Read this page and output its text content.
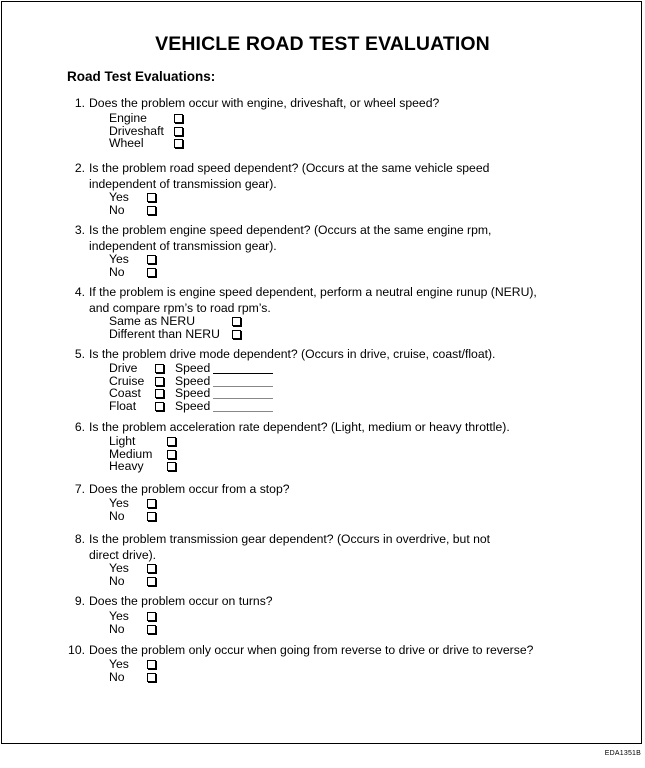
VEHICLE ROAD TEST EVALUATION
Road Test Evaluations:
1. Does the problem occur with engine, driveshaft, or wheel speed?
Engine
Driveshaft
Wheel
2. Is the problem road speed dependent? (Occurs at the same vehicle speed
independent of transmission gear).
Yes
No
3. Is the problem engine speed dependent? (Occurs at the same engine rpm,
independent of transmission gear).
Yes
No
4. If the problem is engine speed dependent, perform a neutral engine runup (NERU),
and compare rpm’s to road rpm’s.
Same as NERU
Different than NERU
5. Is the problem drive mode dependent? (Occurs in drive, cruise, coast/float).
Drive	Speed
Cruise	Speed
Coast	Speed
Float	Speed
6. Is the problem acceleration rate dependent? (Light, medium or heavy throttle).
Light
Medium
Heavy
7. Does the problem occur from a stop?
Yes
No
8. Is the problem transmission gear dependent? (Occurs in overdrive, but not
direct drive).
Yes
No
9. Does the problem occur on turns?
Yes
No
10. Does the problem only occur when going from reverse to drive or drive to reverse?
Yes
No
EDA1351B
